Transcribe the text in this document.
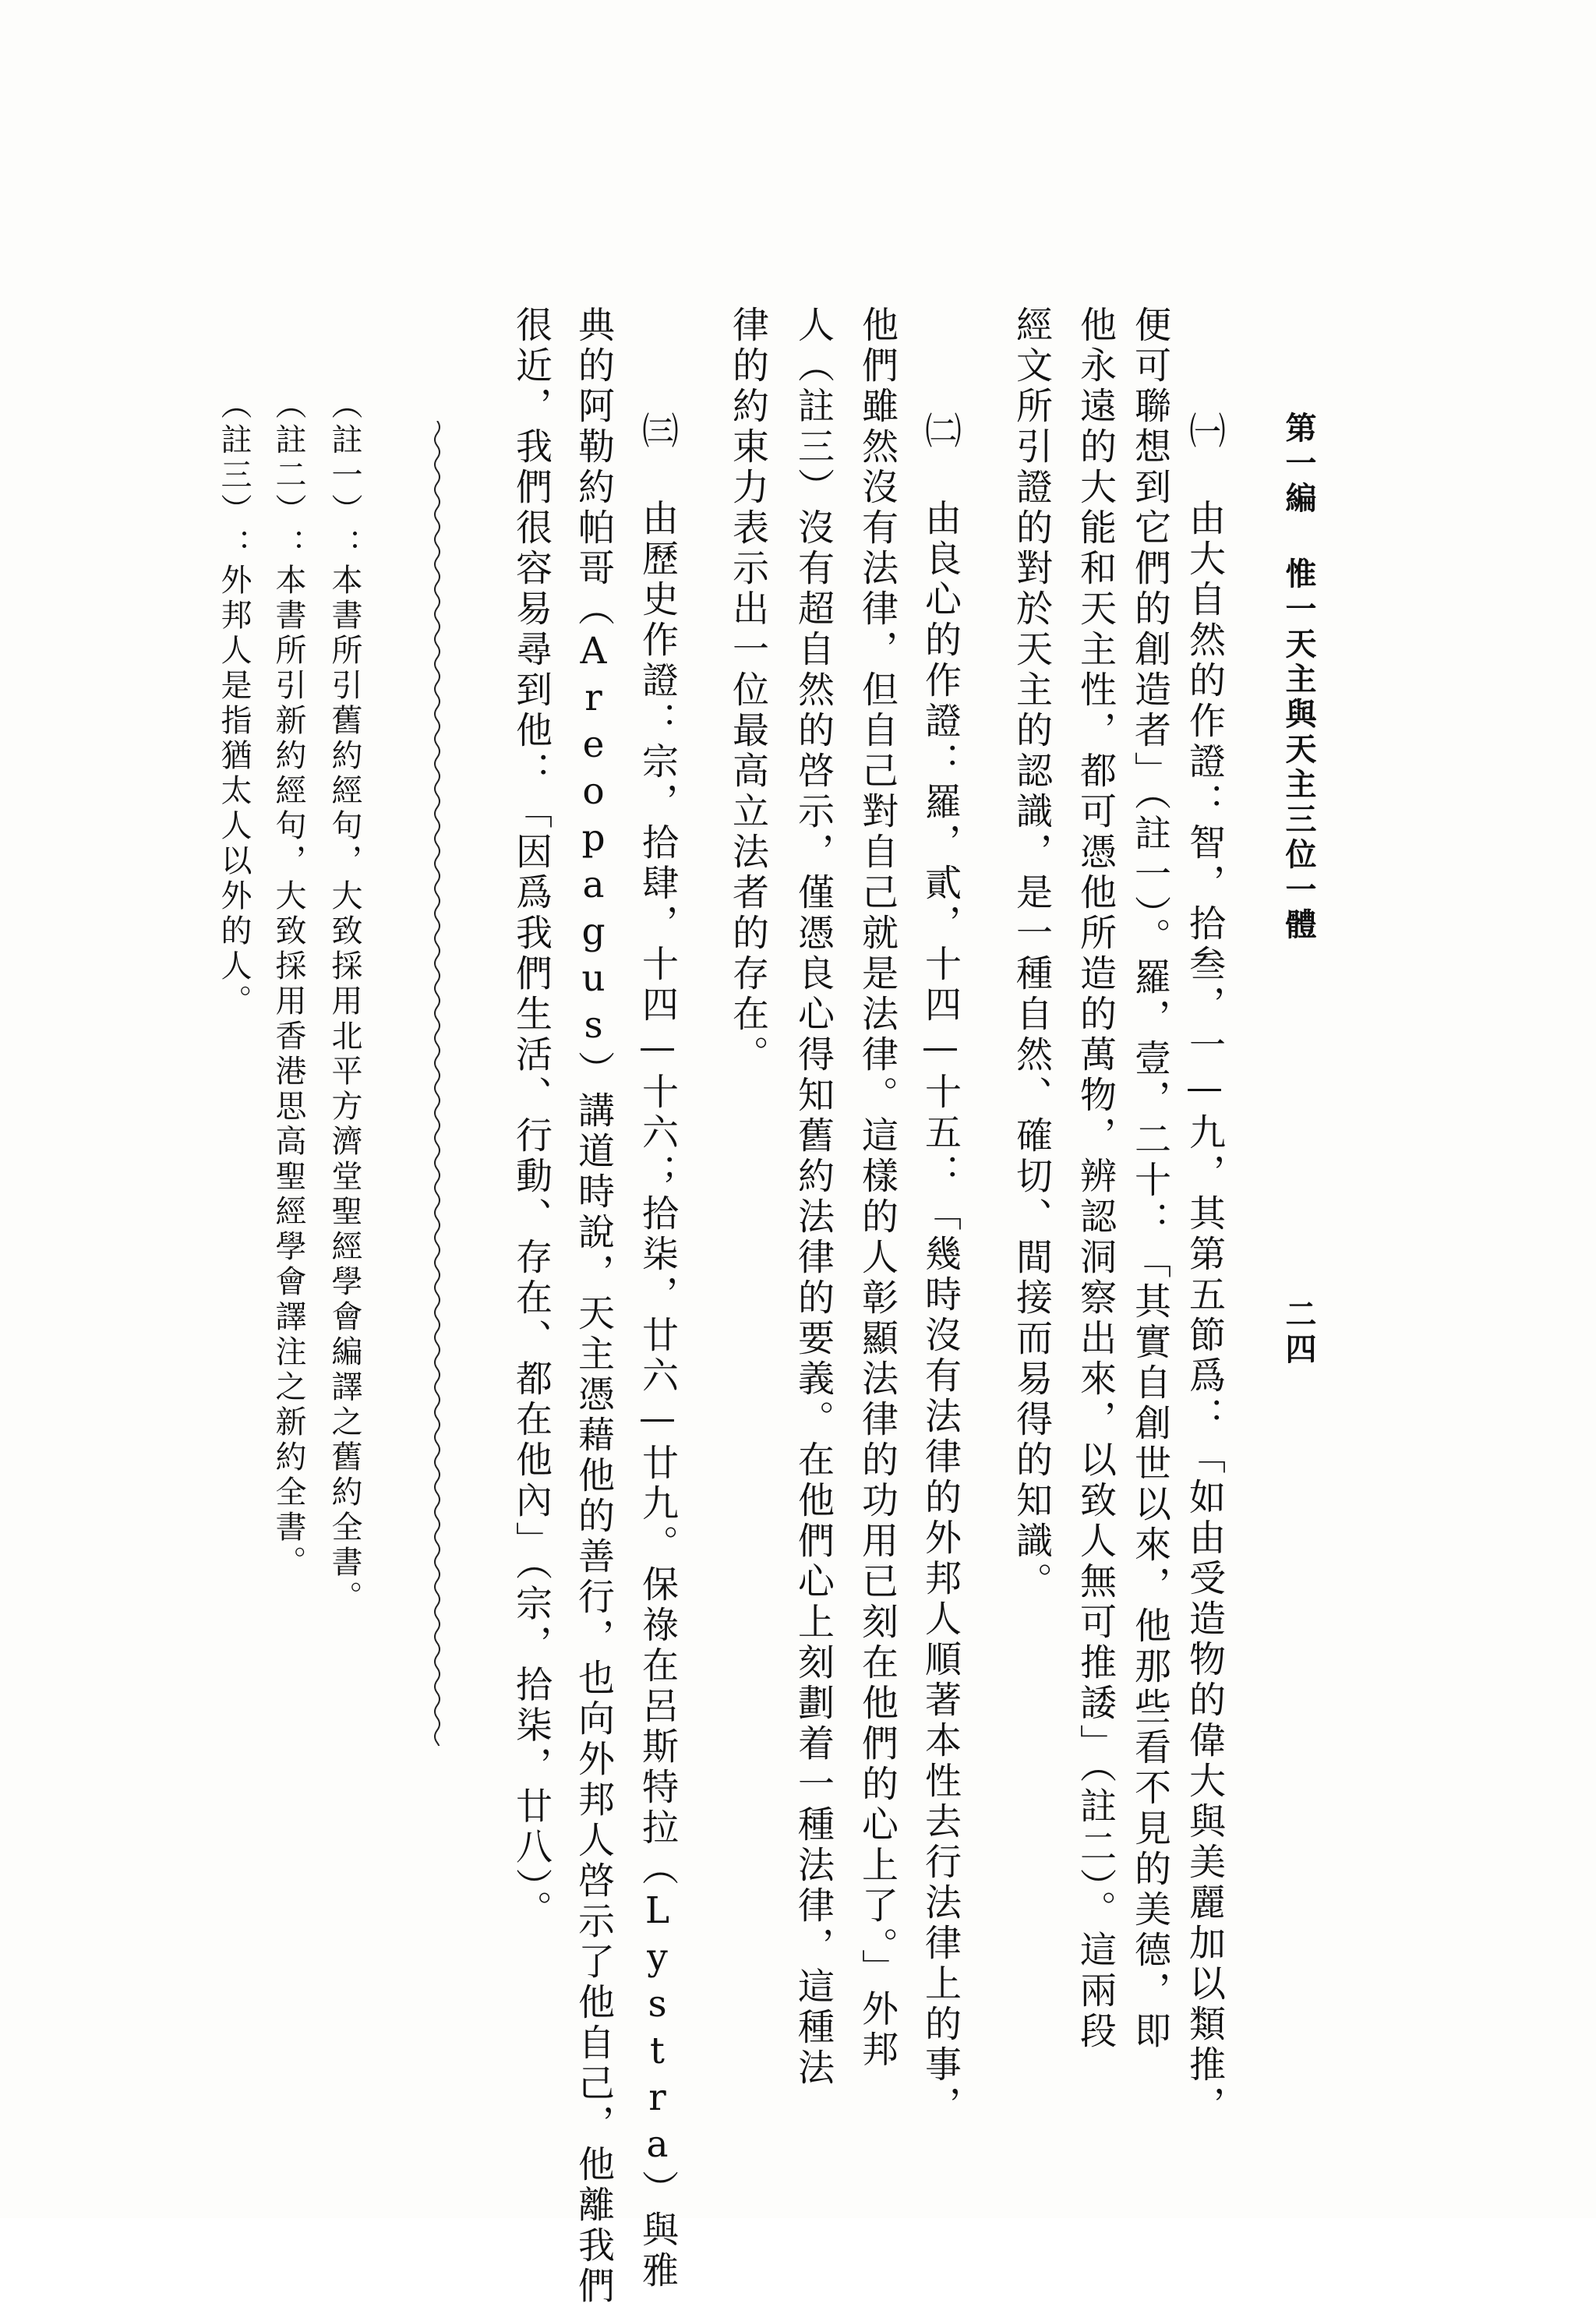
第一編 惟一天主與天主三位一體
二四
㈠ 由大自然的作證：智，拾叁，一—九，其第五節爲：「如由受造物的偉大與美麗加以類推，
便可聯想到它們的創造者」（註一）。羅，壹，二十：「其實自創世以來，他那些看不見的美德，即
他永遠的大能和天主性，都可憑他所造的萬物，辨認洞察出來，以致人無可推諉」（註二）。這兩段
經文所引證的對於天主的認識，是一種自然、確切、間接而易得的知識。
㈡ 由良心的作證：羅，貳，十四—十五：「幾時沒有法律的外邦人順著本性去行法律上的事，
他們雖然沒有法律，但自己對自己就是法律。這樣的人彰顯法律的功用已刻在他們的心上了。」外邦
人（註三）沒有超自然的啓示，僅憑良心得知舊約法律的要義。在他們心上刻劃着一種法律，這種法
律的約束力表示出一位最高立法者的存在。
㈢ 由歷史作證：宗，拾肆，十四—十六；拾柒，廿六—廿九。保祿在呂斯特拉（Lystra）與雅
典的阿勒約帕哥（Areopagus）講道時說，天主憑藉他的善行，也向外邦人啓示了他自己，他離我們
很近，我們很容易尋到他：「因爲我們生活、行動、存在、都在他內」（宗，拾柒，廿八）。
（註一）：本書所引舊約經句，大致採用北平方濟堂聖經學會編譯之舊約全書。
（註二）：本書所引新約經句，大致採用香港思高聖經學會譯注之新約全書。
（註三）：外邦人是指猶太人以外的人。
